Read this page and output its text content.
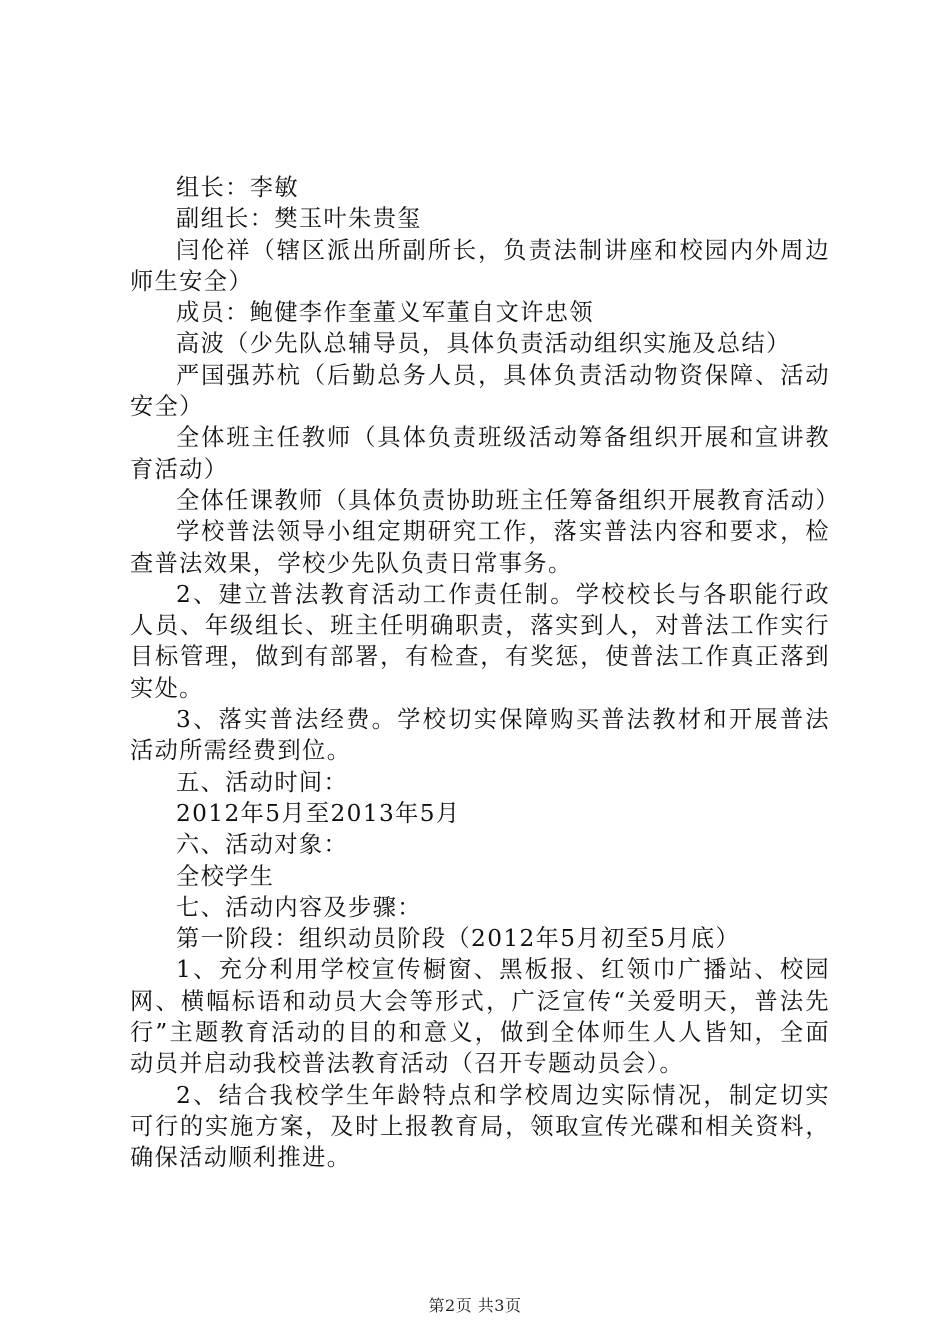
组长：李敏

副组长：樊玉叶朱贵玺

闫伦祥（辖区派出所副所长，负责法制讲座和校园内外周边师生安全）

成员：鲍健李作奎董义军董自文许忠领

高波（少先队总辅导员，具体负责活动组织实施及总结）

严国强苏杭（后勤总务人员，具体负责活动物资保障、活动安全）

全体班主任教师（具体负责班级活动筹备组织开展和宣讲教育活动）

全体任课教师（具体负责协助班主任筹备组织开展教育活动）

学校普法领导小组定期研究工作，落实普法内容和要求，检查普法效果，学校少先队负责日常事务。

2、建立普法教育活动工作责任制。学校校长与各职能行政人员、年级组长、班主任明确职责，落实到人，对普法工作实行目标管理，做到有部署，有检查，有奖惩，使普法工作真正落到实处。

3、落实普法经费。学校切实保障购买普法教材和开展普法活动所需经费到位。

五、活动时间：

2012年5月至2013年5月

六、活动对象：

全校学生

七、活动内容及步骤：

第一阶段：组织动员阶段（2012年5月初至5月底）

1、充分利用学校宣传橱窗、黑板报、红领巾广播站、校园网、横幅标语和动员大会等形式，广泛宣传“关爱明天，普法先行”主题教育活动的目的和意义，做到全体师生人人皆知，全面动员并启动我校普法教育活动（召开专题动员会）。

2、结合我校学生年龄特点和学校周边实际情况，制定切实可行的实施方案，及时上报教育局，领取宣传光碟和相关资料，确保活动顺利推进。

第2页 共3页
